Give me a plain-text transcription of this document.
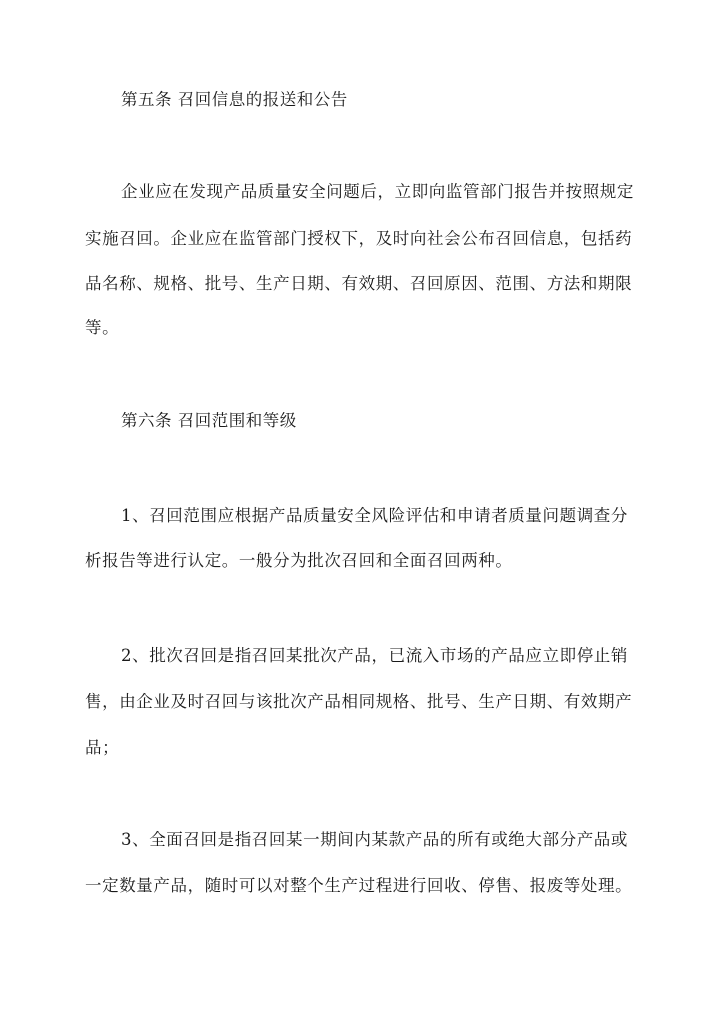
第五条 召回信息的报送和公告
企业应在发现产品质量安全问题后，立即向监管部门报告并按照规定
实施召回。企业应在监管部门授权下，及时向社会公布召回信息，包括药
品名称、规格、批号、生产日期、有效期、召回原因、范围、方法和期限
等。
第六条 召回范围和等级
1、召回范围应根据产品质量安全风险评估和申请者质量问题调查分
析报告等进行认定。一般分为批次召回和全面召回两种。
2、批次召回是指召回某批次产品，已流入市场的产品应立即停止销
售，由企业及时召回与该批次产品相同规格、批号、生产日期、有效期产
品；
3、全面召回是指召回某一期间内某款产品的所有或绝大部分产品或
一定数量产品，随时可以对整个生产过程进行回收、停售、报废等处理。
